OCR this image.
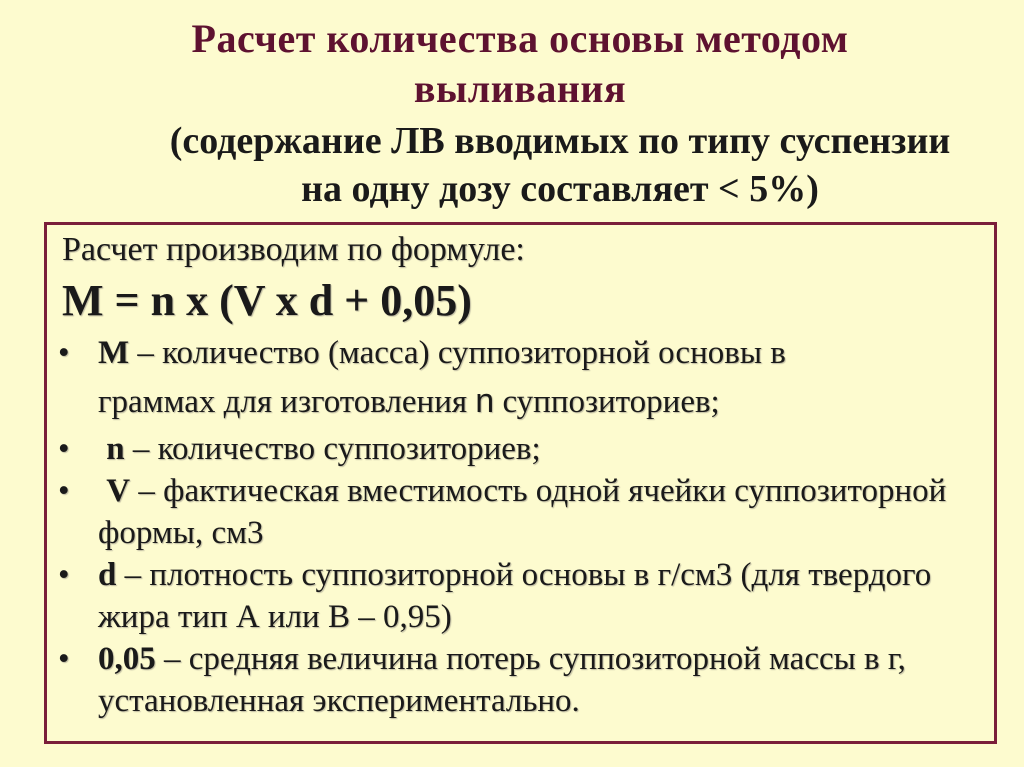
Расчет количества основы методом
выливания
(содержание ЛВ вводимых по типу суспензии
на одну дозу составляет < 5%)
Расчет производим по формуле:
M = n x (V x d + 0,05)
• M – количество (масса) суппозиторной основы в
граммах для изготовления n суппозиториев;
• n – количество суппозиториев;
• V – фактическая вместимость одной ячейки суппозиторной формы, см3
• d – плотность суппозиторной основы в г/см3 (для твердого жира тип А или В – 0,95)
• 0,05 – средняя величина потерь суппозиторной массы в г, установленная экспериментально.
